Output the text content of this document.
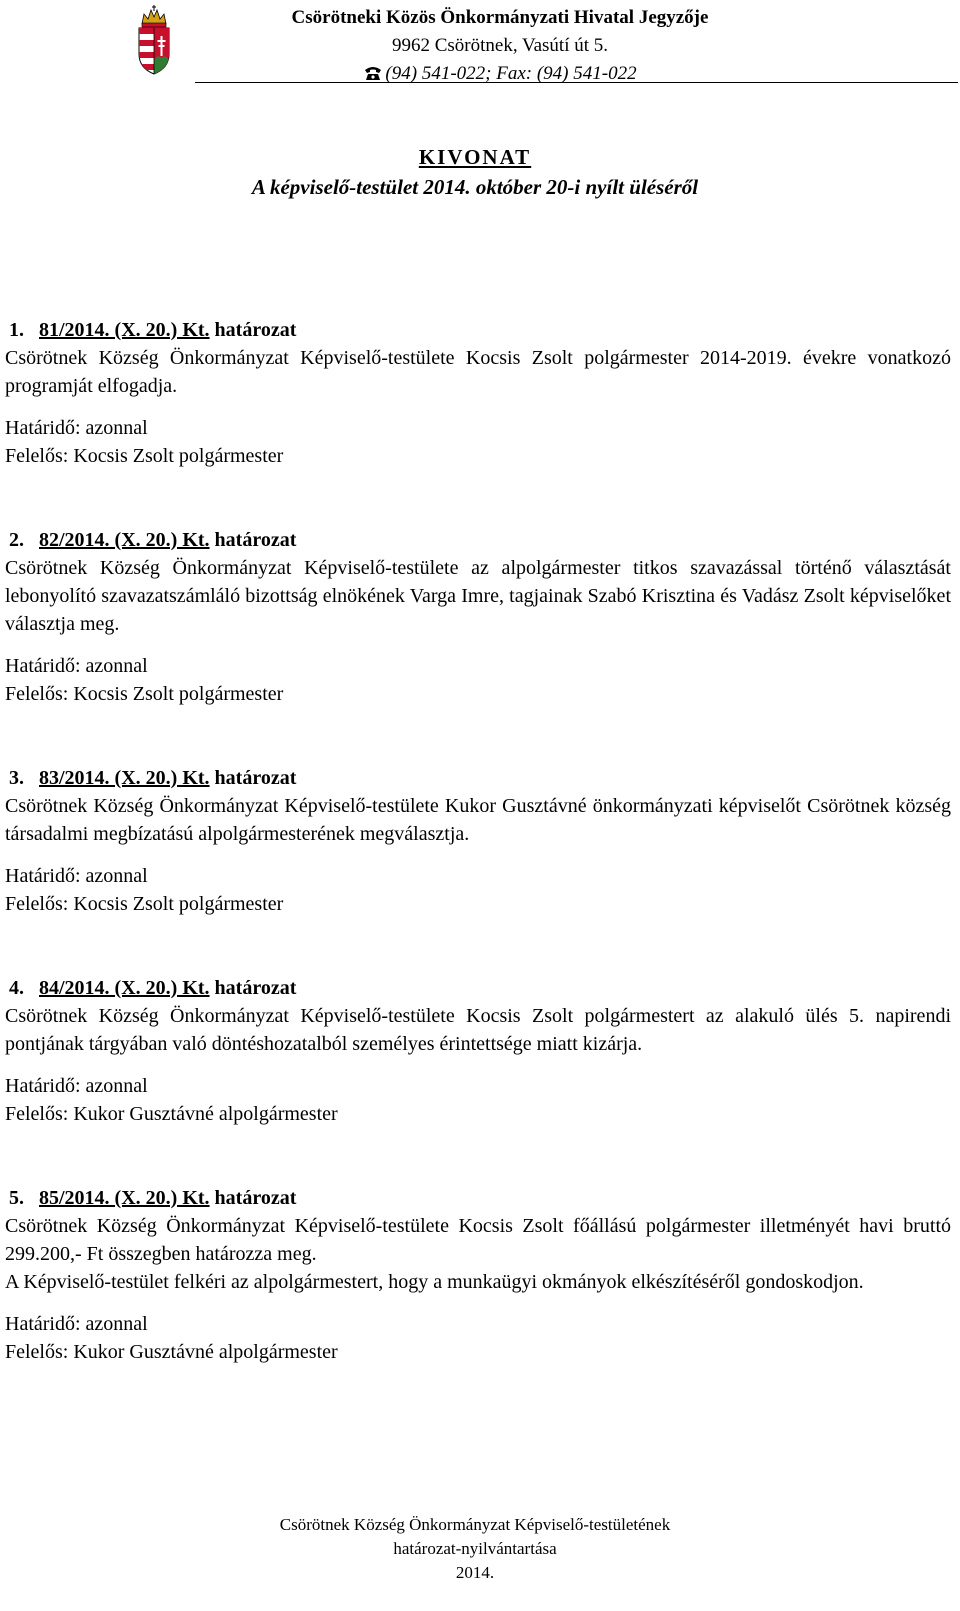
Csörötneki Közös Önkormányzati Hivatal Jegyzője
9962 Csörötnek, Vasútí út 5.
(94) 541-022; Fax: (94) 541-022
KIVONAT
A képviselő-testület 2014. október 20-i nyílt üléséről
1. 81/2014. (X. 20.) Kt. határozat
Csörötnek Község Önkormányzat Képviselő-testülete Kocsis Zsolt polgármester 2014-2019. évekre vonatkozó programját elfogadja.
Határidő: azonnal
Felelős: Kocsis Zsolt polgármester
2. 82/2014. (X. 20.) Kt. határozat
Csörötnek Község Önkormányzat Képviselő-testülete az alpolgármester titkos szavazással történő választását lebonyolító szavazatszámláló bizottság elnökének Varga Imre, tagjainak Szabó Krisztina és Vadász Zsolt képviselőket választja meg.
Határidő: azonnal
Felelős: Kocsis Zsolt polgármester
3. 83/2014. (X. 20.) Kt. határozat
Csörötnek Község Önkormányzat Képviselő-testülete Kukor Gusztávné önkormányzati képviselőt Csörötnek község társadalmi megbízatású alpolgármesterének megválasztja.
Határidő: azonnal
Felelős: Kocsis Zsolt polgármester
4. 84/2014. (X. 20.) Kt. határozat
Csörötnek Község Önkormányzat Képviselő-testülete Kocsis Zsolt polgármestert az alakuló ülés 5. napirendi pontjának tárgyában való döntéshozatalból személyes érintettsége miatt kizárja.
Határidő: azonnal
Felelős: Kukor Gusztávné alpolgármester
5. 85/2014. (X. 20.) Kt. határozat
Csörötnek Község Önkormányzat Képviselő-testülete Kocsis Zsolt főállású polgármester illetményét havi bruttó 299.200,- Ft összegben határozza meg.
A Képviselő-testület felkéri az alpolgármestert, hogy a munkaügyi okmányok elkészítéséről gondoskodjon.
Határidő: azonnal
Felelős: Kukor Gusztávné alpolgármester
Csörötnek Község Önkormányzat Képviselő-testületének
határozat-nyilvántartása
2014.
